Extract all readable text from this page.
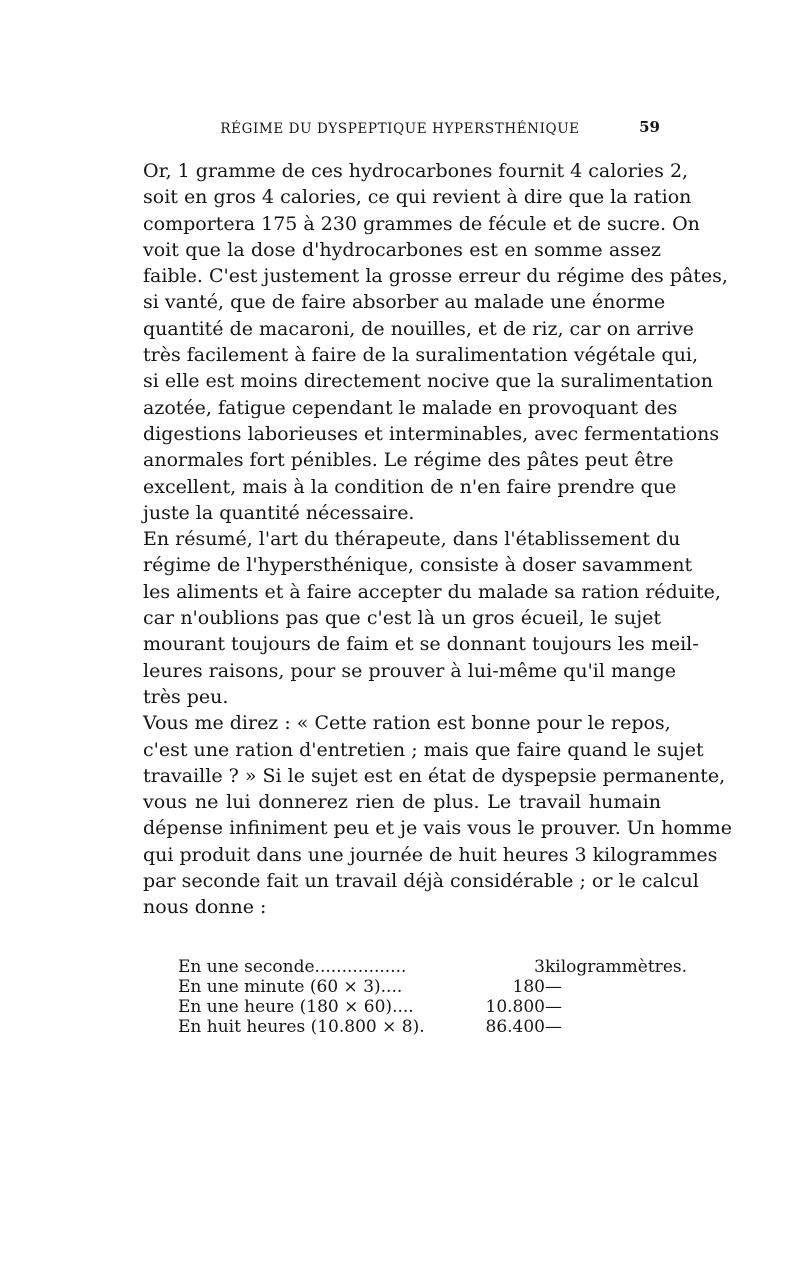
RÉGIME DU DYSPEPTIQUE HYPERSTHÉNIQUE	59

Or, 1 gramme de ces hydrocarbones fournit 4 calories 2,
soit en gros 4 calories, ce qui revient à dire que la ration
comportera 175 à 230 grammes de fécule et de sucre. On
voit que la dose d'hydrocarbones est en somme assez
faible. C'est justement la grosse erreur du régime des pâtes,
si vanté, que de faire absorber au malade une énorme
quantité de macaroni, de nouilles, et de riz, car on arrive
très facilement à faire de la suralimentation végétale qui,
si elle est moins directement nocive que la suralimentation
azotée, fatigue cependant le malade en provoquant des
digestions laborieuses et interminables, avec fermentations
anormales fort pénibles. Le régime des pâtes peut être
excellent, mais à la condition de n'en faire prendre que
juste la quantité nécessaire.

En résumé, l'art du thérapeute, dans l'établissement du
régime de l'hypersthénique, consiste à doser savamment
les aliments et à faire accepter du malade sa ration réduite,
car n'oublions pas que c'est là un gros écueil, le sujet
mourant toujours de faim et se donnant toujours les meil-
leures raisons, pour se prouver à lui-même qu'il mange
très peu.

Vous me direz : « Cette ration est bonne pour le repos,
c'est une ration d'entretien ; mais que faire quand le sujet
travaille ? » Si le sujet est en état de dyspepsie permanente,
vous ne lui donnerez rien de plus. Le travail humain
dépense infiniment peu et je vais vous le prouver. Un homme
qui produit dans une journée de huit heures 3 kilogrammes
par seconde fait un travail déjà considérable ; or le calcul
nous donne :

En une seconde.................	3	kilogrammètres.
En une minute (60 × 3)....	180	—
En une heure (180 × 60)....	10.800	—
En huit heures (10.800 × 8).	86.400	—
